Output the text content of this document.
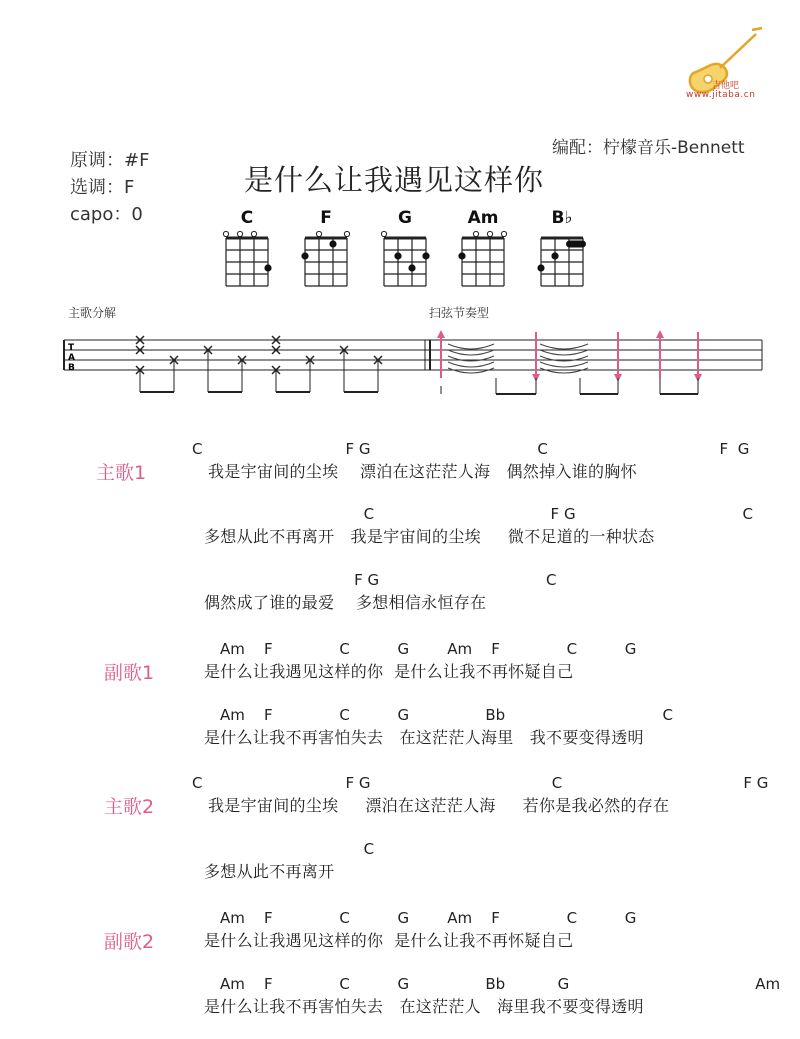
吉他吧
www.jitaba.cn
编配：柠檬音乐-Bennett
原调：#F
选调：F
capo：0
是什么让我遇见这样你
C	F	G	Am	B♭
主歌分解	扫弦节奏型
T
A
B
主歌1
C                              F G                                   C                                    F  G
我是宇宙间的尘埃    漂泊在这茫茫人海   偶然掉入谁的胸怀
C                                     F G                                   C
多想从此不再离开   我是宇宙间的尘埃     微不足道的一种状态
F G                                   C
偶然成了谁的最爱    多想相信永恒存在
副歌1
Am    F              C          G        Am    F              C          G
是什么让我遇见这样的你  是什么让我不再怀疑自己
Am    F              C          G                Bb                                 C
是什么让我不再害怕失去   在这茫茫人海里   我不要变得透明
主歌2
C                              F G                                      C                                      F G
我是宇宙间的尘埃     漂泊在这茫茫人海     若你是我必然的存在
C
多想从此不再离开
副歌2
Am    F              C          G        Am    F              C          G
是什么让我遇见这样的你  是什么让我不再怀疑自己
Am    F              C          G                Bb           G                                       Am
是什么让我不再害怕失去   在这茫茫人   海里我不要变得透明
